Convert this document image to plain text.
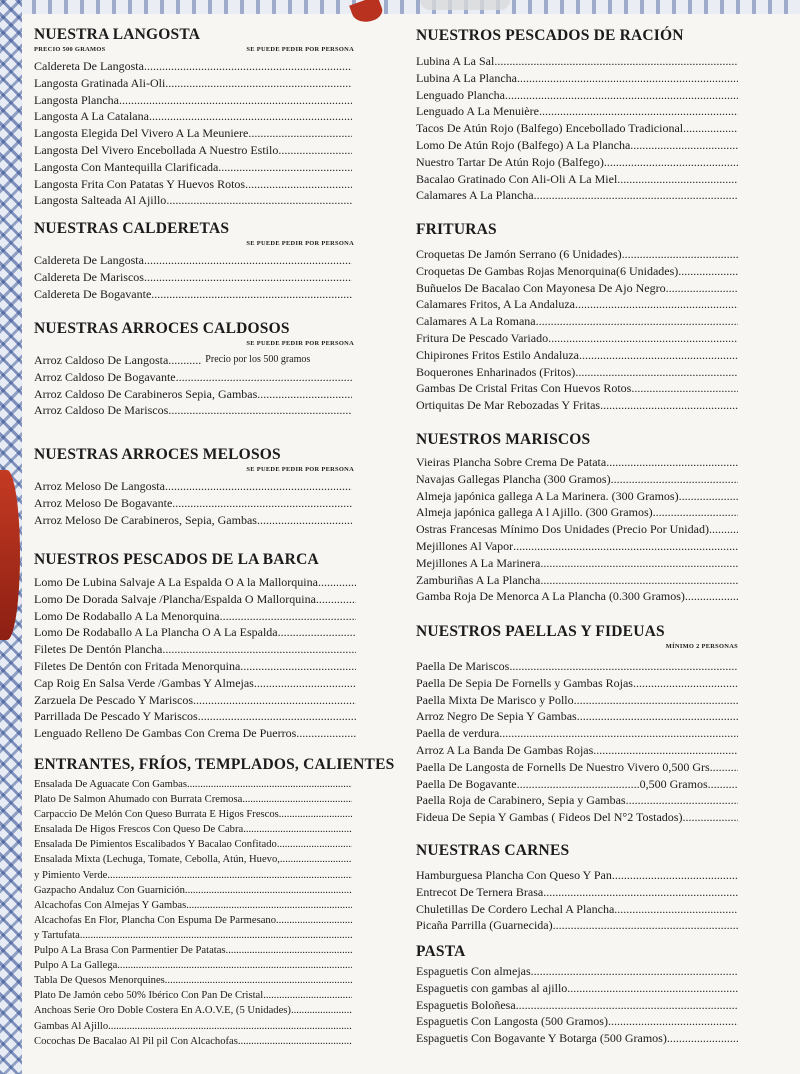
NUESTRA LANGOSTA
PRECIO 500 GRAMOS	SE PUEDE PEDIR POR PERSONA
Caldereta De Langosta
.....
Langosta Gratinada Ali-Oli
.....
Langosta Plancha
.....
Langosta A La Catalana
.....
Langosta Elegida Del Vivero A La Meuniere
.....
Langosta Del Vivero Encebollada A Nuestro Estilo
.....
Langosta Con Mantequilla Clarificada
.....
Langosta Frita Con Patatas Y Huevos Rotos
.....
Langosta Salteada Al Ajillo
.....
NUESTRAS CALDERETAS
SE PUEDE PEDIR POR PERSONA
Caldereta De Langosta.
.....
Caldereta De Mariscos
.....
Caldereta De Bogavante
.....
NUESTRAS ARROCES CALDOSOS
SE PUEDE PEDIR POR PERSONA
Arroz Caldoso De Langosta ........... Precio por los 500 gramos
Arroz Caldoso De Bogavante
.....
Arroz Caldoso De Carabineros Sepia, Gambas
.....
Arroz Caldoso De Mariscos
.....
NUESTRAS ARROCES MELOSOS
SE PUEDE PEDIR POR PERSONA
Arroz Meloso De Langosta
.....
Arroz Meloso De Bogavante
.....
Arroz Meloso De Carabineros, Sepia, Gambas
.....
NUESTROS PESCADOS DE LA BARCA
Lomo De Lubina Salvaje A La Espalda O A la Mallorquina.
.....
Lomo De Dorada Salvaje /Plancha/Espalda O Mallorquina..
.....
Lomo De Rodaballo A La Menorquina
.....
Lomo De Rodaballo A La Plancha O A La Espalda
.....
Filetes De Dentón Plancha
.....
Filetes De Dentón con Fritada Menorquina
.....
Cap Roig En Salsa Verde /Gambas Y Almejas
.....
Zarzuela De Pescado Y Mariscos
.....
Parrillada De Pescado Y Mariscos
.....
Lenguado Relleno De Gambas Con Crema De Puerros......
.....
ENTRANTES, FRÍOS, TEMPLADOS, CALIENTES
Ensalada De Aguacate Con Gambas
.....
Plato De Salmon Ahumado con Burrata Cremosa
.....
Carpaccio De Melón Con Queso Burrata E Higos Frescos
.....
Ensalada De Higos Frescos Con Queso De Cabra
.....
Ensalada De Pimientos Escalibados Y Bacalao Confitado
.....
Ensalada Mixta (Lechuga, Tomate, Cebolla, Atún, Huevo,
.....
y Pimiento Verde
.....
Gazpacho Andaluz Con Guarnición
.....
Alcachofas Con Almejas Y Gambas
.....
Alcachofas En Flor, Plancha Con Espuma De Parmesano
.....
y Tartufata
.....
Pulpo A La Brasa Con Parmentier De Patatas
.....
Pulpo A La Gallega
.....
Tabla De Quesos Menorquines
.....
Plato De Jamón cebo 50% Ibérico Con Pan De Cristal
.....
Anchoas Serie Oro Doble Costera En A.O.V.E, (5 Unidades)
.....
Gambas Al Ajillo
.....
Cocochas De Bacalao Al Pil pil Con Alcachofas
.....
NUESTROS PESCADOS DE RACIÓN
Lubina A La Sal
.....
Lubina A La Plancha
.....
Lenguado Plancha
.....
Lenguado A La Menuière
.....
Tacos De Atún Rojo (Balfego) Encebollado Tradicional
.....
Lomo De Atún Rojo (Balfego) A La Plancha
.....
Nuestro Tartar De Atún Rojo (Balfego)
.....
Bacalao Gratinado Con Ali-Oli A La Miel
.....
Calamares A La Plancha
.....
FRITURAS
Croquetas De Jamón Serrano (6 Unidades)
.....
Croquetas De Gambas Rojas Menorquina(6 Unidades)
.....
Buñuelos De Bacalao Con Mayonesa De Ajo Negro
.....
Calamares Fritos, A La Andaluza
.....
Calamares A La Romana
.....
Fritura De Pescado Variado
.....
Chipirones Fritos Estilo Andaluza
.....
Boquerones Enharinados (Fritos)
.....
Gambas De Cristal Fritas Con Huevos Rotos
.....
Ortiquitas De Mar Rebozadas Y Fritas
.....
NUESTROS MARISCOS
Vieiras Plancha Sobre Crema De Patata
.....
Navajas Gallegas Plancha (300 Gramos)
.....
Almeja japónica gallega A La Marinera. (300 Gramos)
.....
Almeja japónica gallega A l Ajillo. (300 Gramos)
.....
Ostras Francesas Mínimo Dos Unidades (Precio Por Unidad)
.....
Mejillones Al Vapor
.....
Mejillones A La Marinera
.....
Zamburiñas A La Plancha
.....
Gamba Roja De Menorca A La Plancha (0.300 Gramos).....
.....
NUESTROS PAELLAS Y FIDEUAS
MÍNIMO 2 PERSONAS
Paella De Mariscos
.....
Paella De Sepia De Fornells y Gambas Rojas
.....
Paella Mixta De Marisco y Pollo
.....
Arroz Negro De Sepia Y Gambas
.....
Paella de verdura
.....
Arroz A La Banda De Gambas Rojas
.....
Paella De Langosta de Fornells De Nuestro Vivero 0,500 Grs.
.....
Paella De Bogavante.........................................0,500 Gramos.
.....
Paella Roja de Carabinero, Sepia y Gambas
.....
Fideua De Sepia Y Gambas ( Fideos Del N°2 Tostados).......
.....
NUESTRAS CARNES
Hamburguesa Plancha Con Queso Y Pan
.....
Entrecot De Ternera Brasa
.....
Chuletillas De Cordero Lechal A Plancha
.....
Picaña Parrilla (Guarnecida)
.....
PASTA
Espaguetis Con almejas
.....
Espaguetis con gambas al ajillo
.....
Espaguetis Boloñesa
.....
Espaguetis Con Langosta (500 Gramos)
.....
Espaguetis Con Bogavante Y Botarga (500 Gramos)...........
.....
